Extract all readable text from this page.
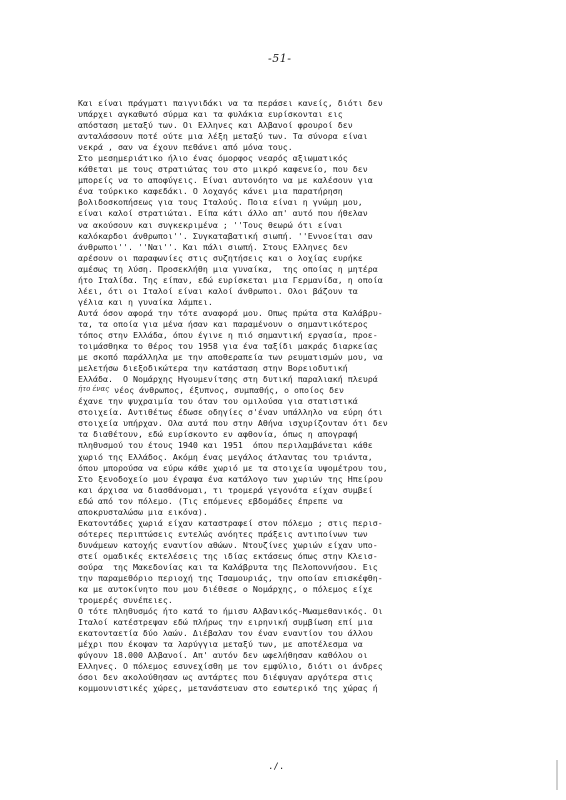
-51-
Και είναι πράγματι παιγνιδάκι να τα περάσει κανείς, διότι δεν
υπάρχει αγκαθωτό σύρμα και τα φυλάκια ευρίσκονται εις
απόσταση μεταξύ των. Οι Ελληνες και Αλβανοί φρουροί δεν
ανταλάσσουν ποτέ ούτε μια λέξη μεταξύ των. Τα σύνορα είναι
νεκρά , σαν να έχουν πεθάνει από μόνα τους.
Στο μεσημεριάτικο ήλιο ένας όμορφος νεαρός αξιωματικός
κάθεται με τους στρατιώτας του στο μικρό καφενείο, που δεν
μπορείς να το αποφύγεις. Είναι αυτονόητο να με καλέσουν για
ένα τούρκικο καφεδάκι. Ο λοχαγός κάνει μια παρατήρηση
βολιδοσκοπήσεως για τους Ιταλούς. Ποια είναι η γνώμη μου,
είναι καλοί στρατιώται. Είπα κάτι άλλο απ' αυτό που ήθελαν
να ακούσουν και συγκεκριμένα ; ''Τους θεωρώ ότι είναι
καλόκαρδοι άνθρωποι''. Συγκαταβατική σιωπή. ''Εννοείται σαν
άνθρωποι''. ''Ναι''. Και πάλι σιωπή. Στους Ελληνες δεν
αρέσουν οι παραφωνίες στις συζητήσεις και ο λοχίας ευρήκε
αμέσως τη λύση. Προσεκλήθη μια γυναίκα,  της οποίας η μητέρα
ήτο Ιταλίδα. Της είπαν, εδώ ευρίσκεται μια Γερμανίδα, η οποία
λέει, ότι οι Ιταλοί είναι καλοί άνθρωποι. Ολοι βάζουν τα
γέλια και η γυναίκα λάμπει.
Αυτά όσον αφορά την τότε αναφορά μου. Οπως πρώτα στα Καλάβρυ-
τα, τα οποία για μένα ήσαν και παραμένουν ο σημαντικότερος
τόπος στην Ελλάδα, όπου έγινε η πιό σημαντική εργασία, προε-
τοιμάσθηκα το θέρος του 1958 για ένα ταξίδι μακράς διαρκείας
με σκοπό παράλληλα με την αποθεραπεία των ρευματισμών μου, να
μελετήσω διεξοδικώτερα την κατάσταση στην Βορειοδυτική
Ελλάδα.  Ο Νομάρχης Ηγουμενίτσης στη δυτική παραλιακή πλευρά
$^{ή\tau o έ\nu\alpha\varsigma}$ νέος άνθρωπος, έξυπνος, συμπαθής, ο οποίος δεν
έχανε την ψυχραιμία του όταν του ομιλούσα για στατιστικά
στοιχεία. Αντιθέτως έδωσε οδηγίες σ'έναν υπάλληλο να εύρη ότι
στοιχεία υπήρχαν. Ολα αυτά που στην Αθήνα ισχυρίζονταν ότι δεν
τα διαθέτουν, εδώ ευρίσκοντο εν αφθονία, όπως η απογραφή
πληθυσμού του έτους 1940 και 1951  όπου περιλαμβάνεται κάθε
χωριό της Ελλάδος. Ακόμη ένας μεγάλος άτλαντας του τριάντα,
όπου μπορούσα να εύρω κάθε χωριό με τα στοιχεία υψομέτρου του,
Στο ξενοδοχείο μου έγραψα ένα κατάλογο των χωριών της Ηπείρου
και άρχισα να διασθάνομαι, τι τρομερά γεγονότα είχαν συμβεί
εδώ από τον πόλεμο. (Τις επόμενες εβδομάδες έπρεπε να
αποκρυσταλώσω μια εικόνα).
Εκατοντάδες χωριά είχαν καταστραφεί στον πόλεμο ; στις περισ-
σότερες περιπτώσεις εντελώς ανόητες πράξεις αντιποίνων των
δυνάμεων κατοχής εναντίον αθώων. Ντουζίνες χωριών είχαν υπο-
στεί ομαδικές εκτελέσεις της ιδίας εκτάσεως όπως στην Κλεισ-
σούρα  της Μακεδονίας και τα Καλάβρυτα της Πελοποννήσου. Εις
την παραμεθόριο περιοχή της Τσαμουριάς, την οποίαν επισκέφθη-
κα με αυτοκίνητο που μου διέθεσε ο Νομάρχης, ο πόλεμος είχε
τρομερές συνέπειες.
Ο τότε πληθυσμός ήτο κατά το ήμισυ Αλβανικός-Μωαμεθανικός. Οι
Ιταλοί κατέστρεψαν εδώ πλήρως την ειρηνική συμβίωση επί μια
εκατονταετία δύο λαών. Διέβαλαν τον έναν εναντίον του άλλου
μέχρι που έκοψαν τα λαρύγγια μεταξύ των, με αποτέλεσμα να
φύγουν 18.000 Αλβανοί. Απ' αυτόν δεν ωφελήθησαν καθόλου οι
Ελληνες. Ο πόλεμος εσυνεχίσθη με τον εμφύλιο, διότι οι άνδρες
όσοι δεν ακολούθησαν ως αντάρτες που διέφυγαν αργότερα στις
κομμουνιστικές χώρες, μετανάστευαν στο εσωτερικό της χώρας ή
./.
